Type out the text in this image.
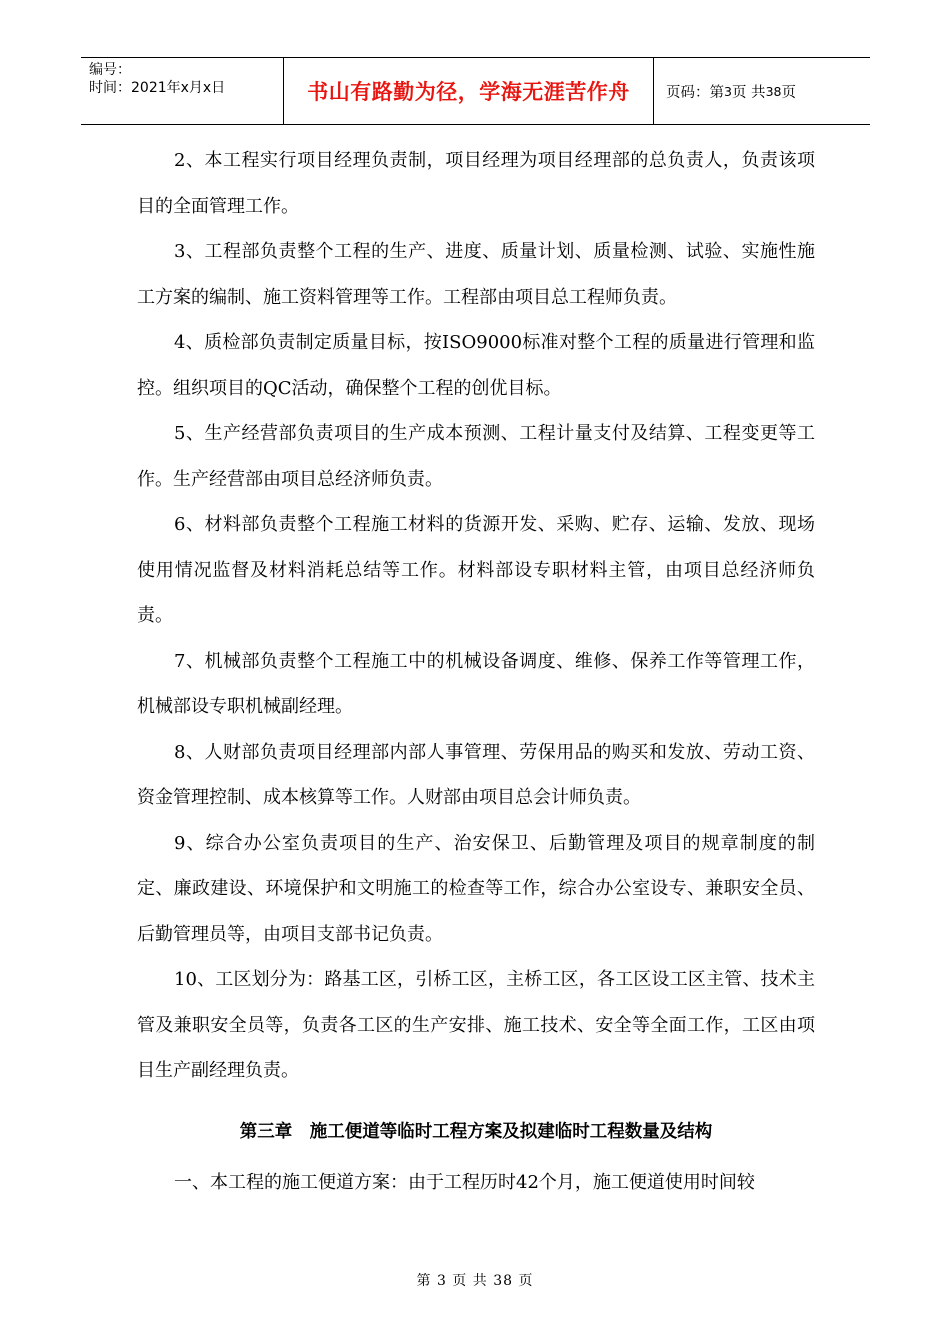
编号：
时间：2021年x月x日	书山有路勤为径，学海无涯苦作舟	页码：第 3 页 共 38 页

2、本工程实行项目经理负责制，项目经理为项目经理部的总负责人，负责该项目的全面管理工作。

3、工程部负责整个工程的生产、进度、质量计划、质量检测、试验、实施性施工方案的编制、施工资料管理等工作。工程部由项目总工程师负责。

4、质检部负责制定质量目标，按ISO9000标准对整个工程的质量进行管理和监控。组织项目的QC活动，确保整个工程的创优目标。

5、生产经营部负责项目的生产成本预测、工程计量支付及结算、工程变更等工作。生产经营部由项目总经济师负责。

6、材料部负责整个工程施工材料的货源开发、采购、贮存、运输、发放、现场使用情况监督及材料消耗总结等工作。材料部设专职材料主管，由项目总经济师负责。

7、机械部负责整个工程施工中的机械设备调度、维修、保养工作等管理工作，机械部设专职机械副经理。

8、人财部负责项目经理部内部人事管理、劳保用品的购买和发放、劳动工资、资金管理控制、成本核算等工作。人财部由项目总会计师负责。

9、综合办公室负责项目的生产、治安保卫、后勤管理及项目的规章制度的制定、廉政建设、环境保护和文明施工的检查等工作，综合办公室设专、兼职安全员、后勤管理员等，由项目支部书记负责。

10、工区划分为：路基工区，引桥工区，主桥工区，各工区设工区主管、技术主管及兼职安全员等，负责各工区的生产安排、施工技术、安全等全面工作，工区由项目生产副经理负责。

第三章　施工便道等临时工程方案及拟建临时工程数量及结构

一、本工程的施工便道方案：由于工程历时42个月，施工便道使用时间较

第 3 页 共 38 页
